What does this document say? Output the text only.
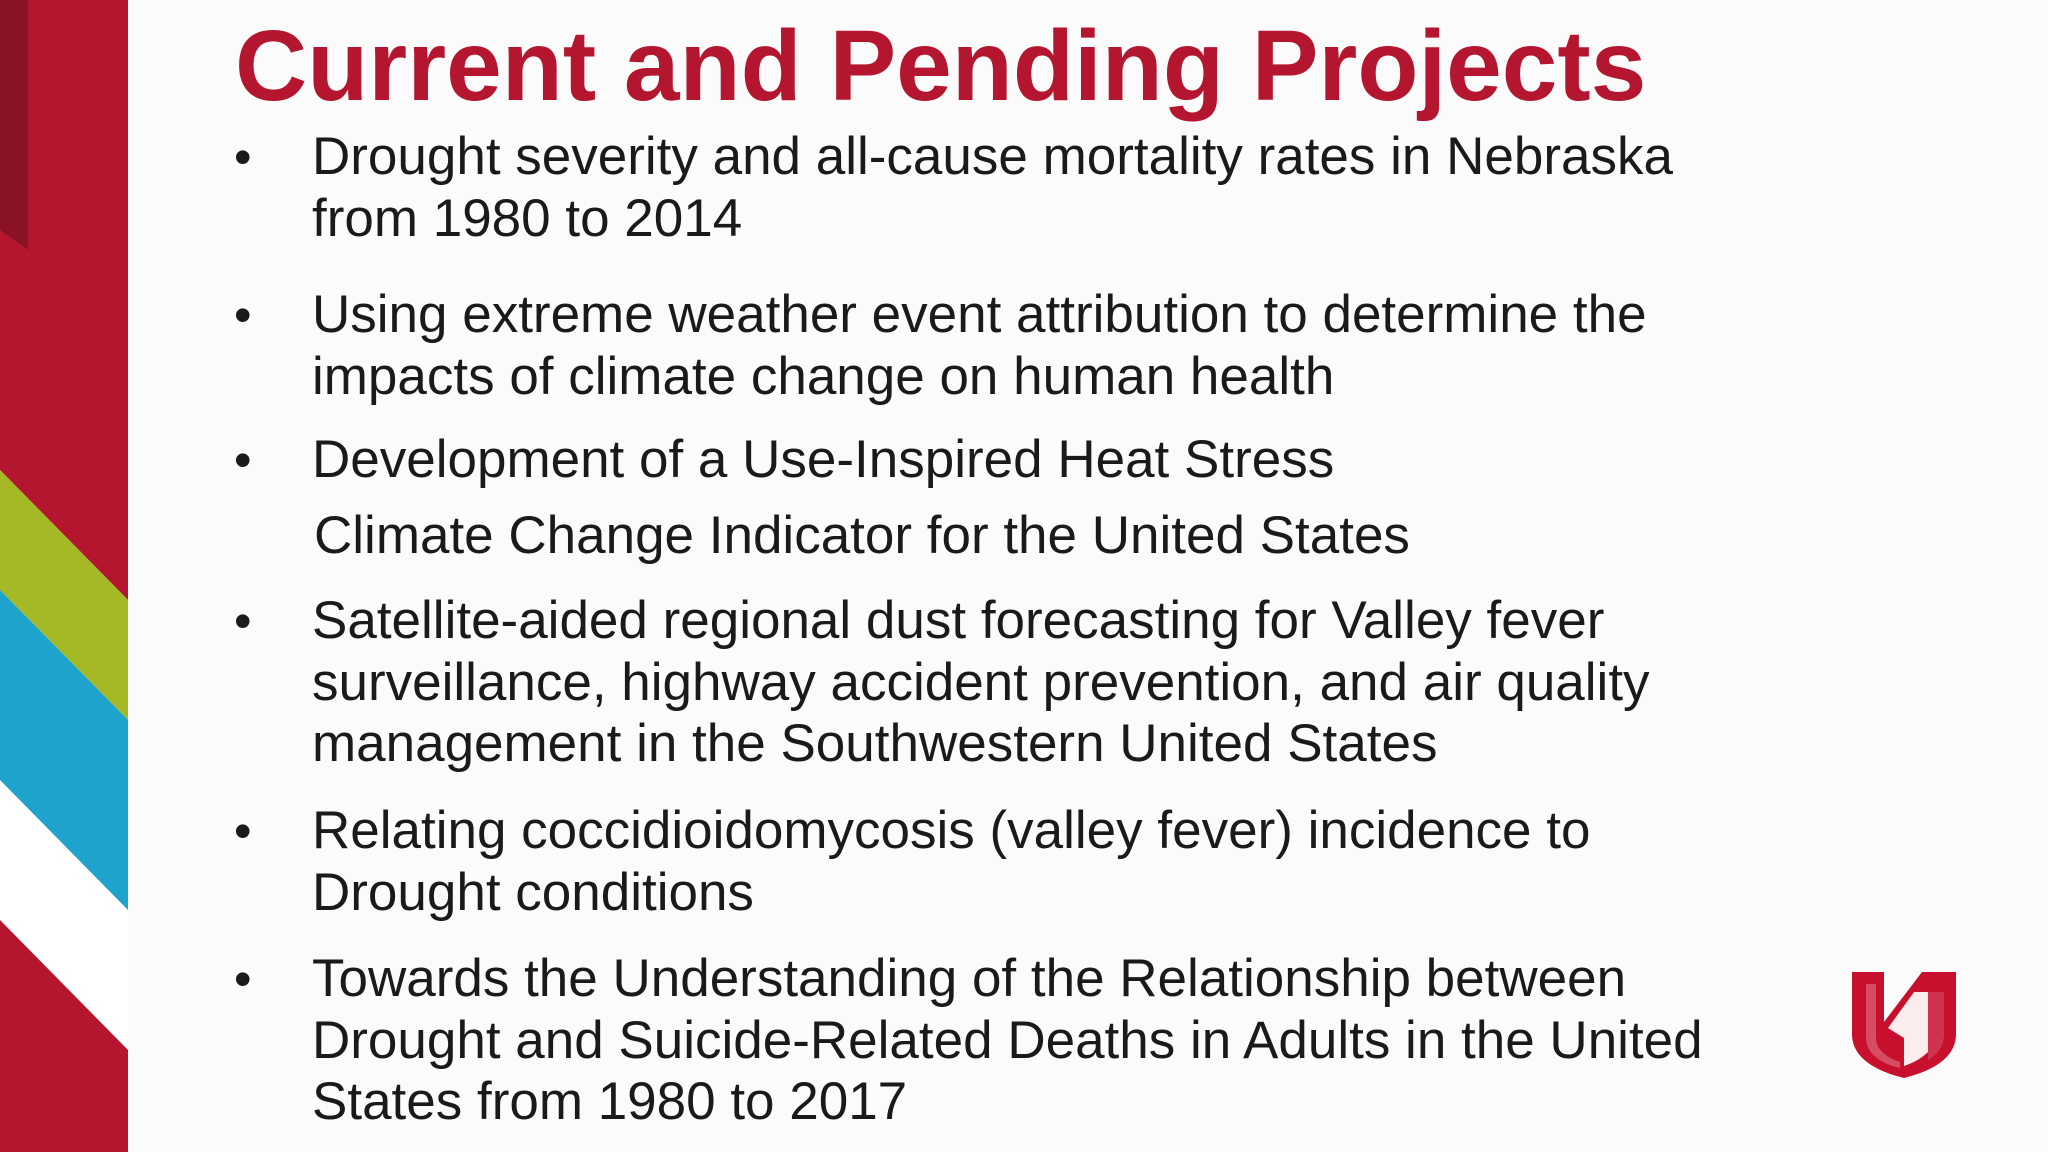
Current and Pending Projects
• Drought severity and all-cause mortality rates in Nebraska
from 1980 to 2014
• Using extreme weather event attribution to determine the
impacts of climate change on human health
• Development of a Use-Inspired Heat Stress
Climate Change Indicator for the United States
• Satellite-aided regional dust forecasting for Valley fever
surveillance, highway accident prevention, and air quality
management in the Southwestern United States
• Relating coccidioidomycosis (valley fever) incidence to
Drought conditions
• Towards the Understanding of the Relationship between
Drought and Suicide-Related Deaths in Adults in the United
States from 1980 to 2017
